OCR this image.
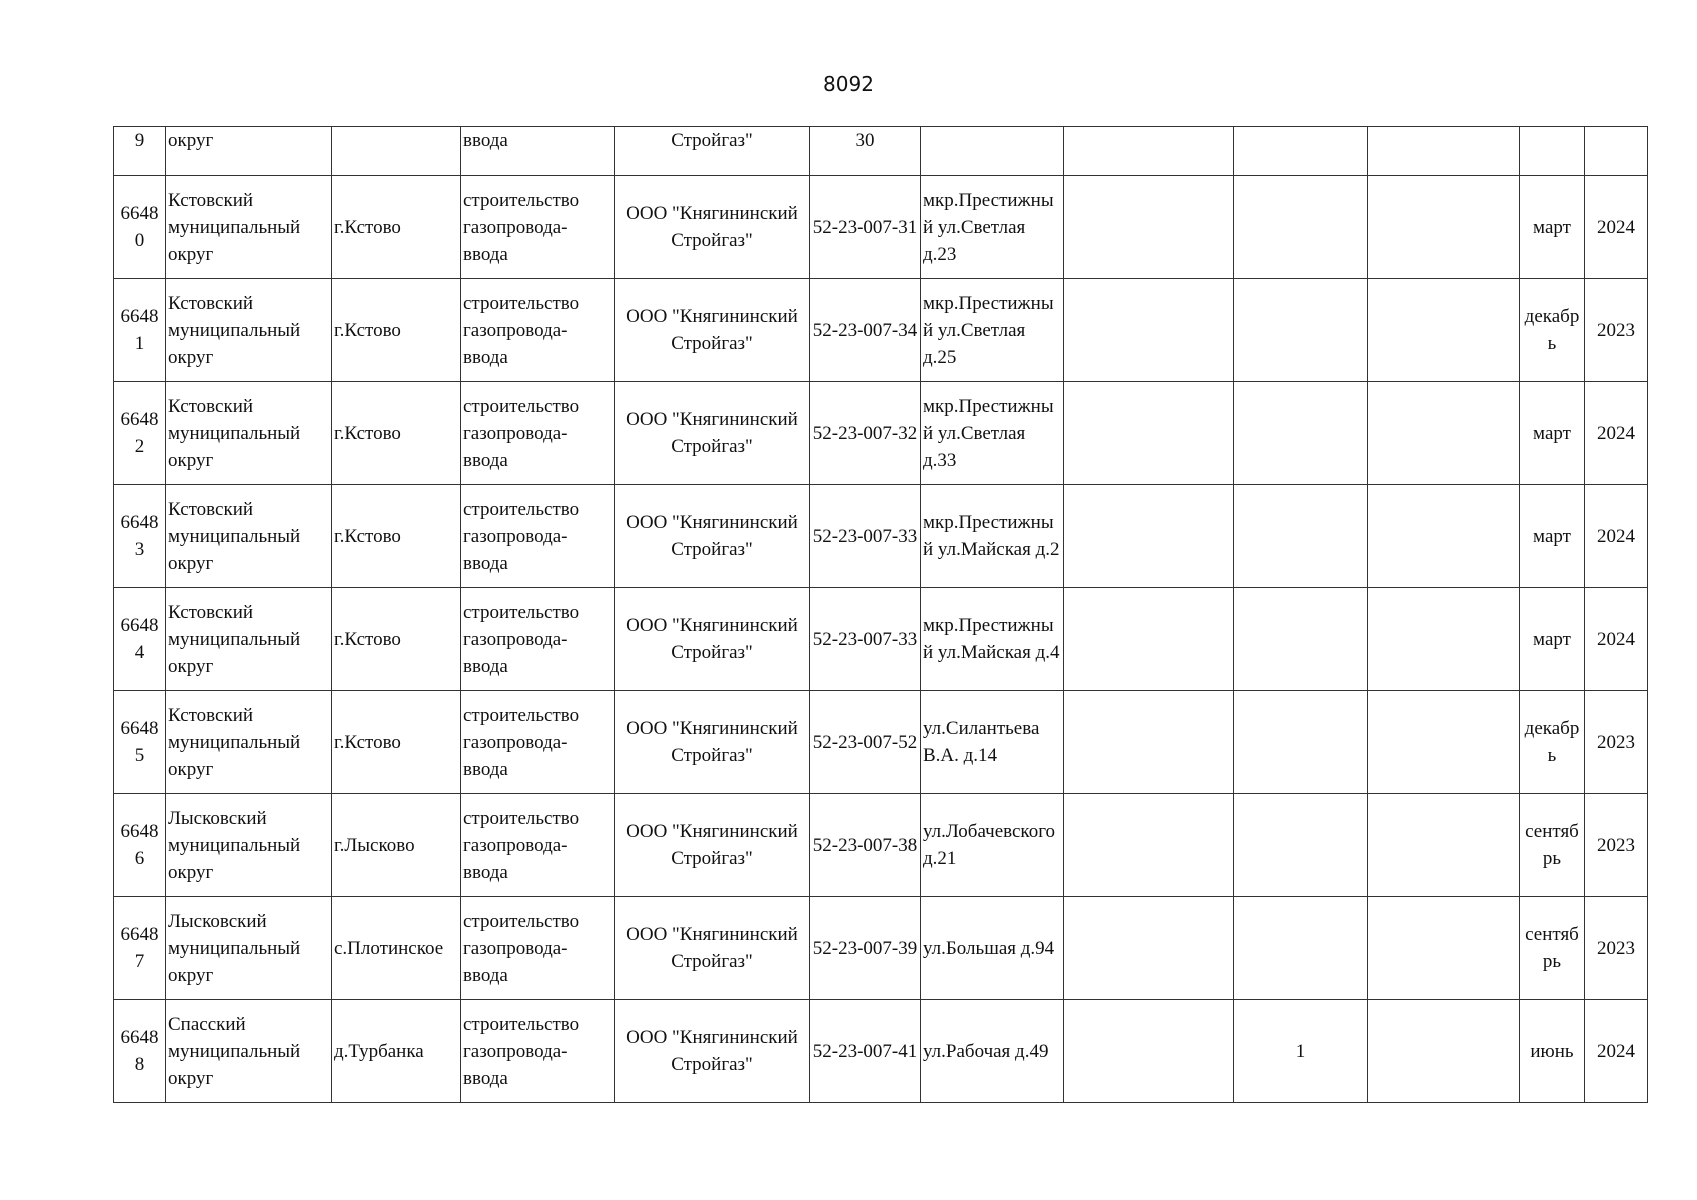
8092
9	округ		ввода	Стройгаз"	30						
66480	Кстовский муниципальный округ	г.Кстово	строительство газопровода-ввода	ООО "Княгининский Стройгаз"	52-23-007-31	мкр.Престижный ул.Светлая д.23				март	2024
66481	Кстовский муниципальный округ	г.Кстово	строительство газопровода-ввода	ООО "Княгининский Стройгаз"	52-23-007-34	мкр.Престижный ул.Светлая д.25				декабрь	2023
66482	Кстовский муниципальный округ	г.Кстово	строительство газопровода-ввода	ООО "Княгининский Стройгаз"	52-23-007-32	мкр.Престижный ул.Светлая д.33				март	2024
66483	Кстовский муниципальный округ	г.Кстово	строительство газопровода-ввода	ООО "Княгининский Стройгаз"	52-23-007-33	мкр.Престижный ул.Майская д.2				март	2024
66484	Кстовский муниципальный округ	г.Кстово	строительство газопровода-ввода	ООО "Княгининский Стройгаз"	52-23-007-33	мкр.Престижный ул.Майская д.4				март	2024
66485	Кстовский муниципальный округ	г.Кстово	строительство газопровода-ввода	ООО "Княгининский Стройгаз"	52-23-007-52	ул.Силантьева В.А. д.14				декабрь	2023
66486	Лысковский муниципальный округ	г.Лысково	строительство газопровода-ввода	ООО "Княгининский Стройгаз"	52-23-007-38	ул.Лобачевского д.21				сентябрь	2023
66487	Лысковский муниципальный округ	с.Плотинское	строительство газопровода-ввода	ООО "Княгининский Стройгаз"	52-23-007-39	ул.Большая д.94				сентябрь	2023
66488	Спасский муниципальный округ	д.Турбанка	строительство газопровода-ввода	ООО "Княгининский Стройгаз"	52-23-007-41	ул.Рабочая д.49		1		июнь	2024
